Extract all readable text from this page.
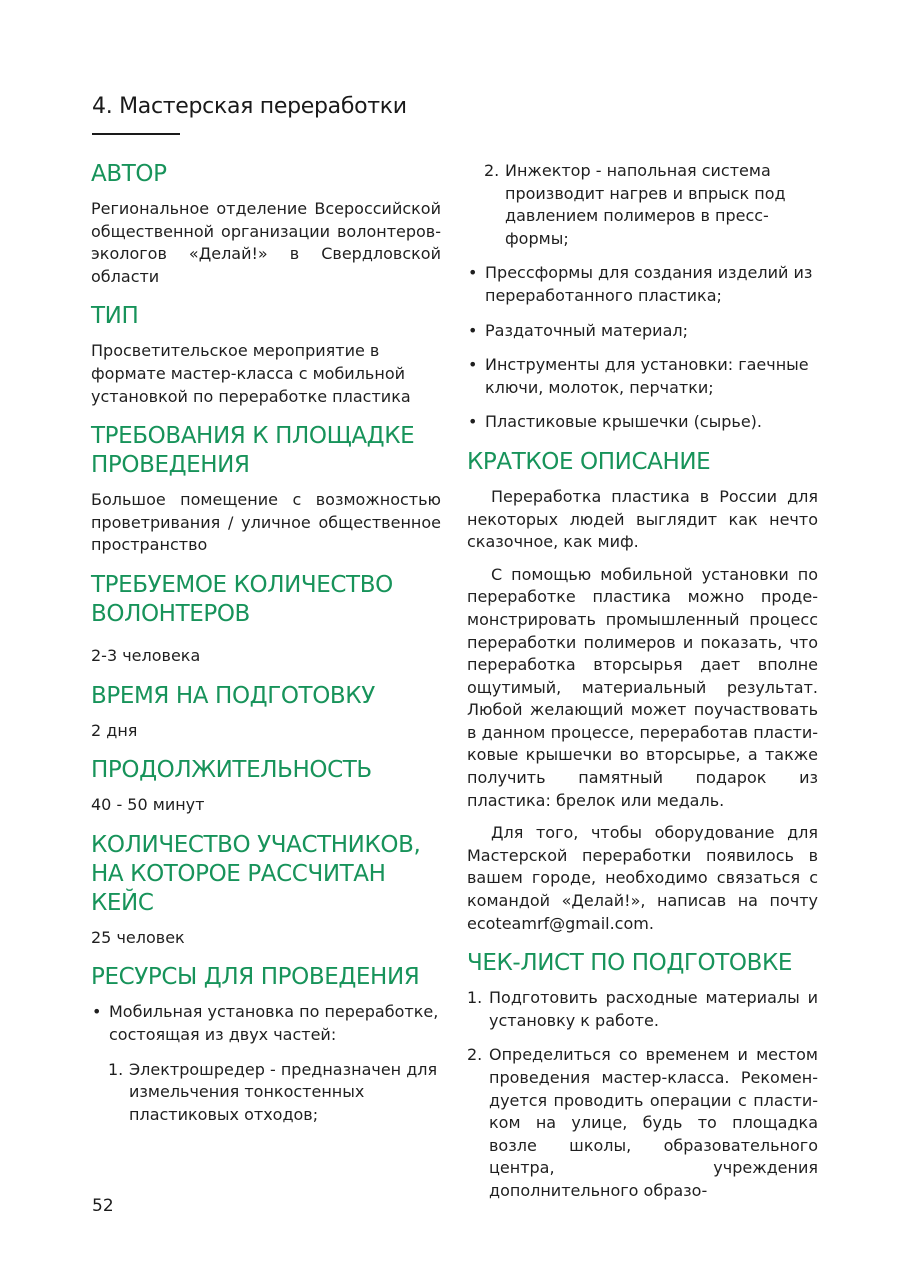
4. Мастерская переработки
АВТОР
Региональное отделение Всероссийской общественной организации волонтеров-экологов «Делай!» в Свердловской области
ТИП
Просветительское мероприятие в формате мастер-класса с мобильной установкой по переработке пластика
ТРЕБОВАНИЯ К ПЛОЩАДКЕ ПРОВЕДЕНИЯ
Большое помещение с возможностью проветривания / уличное общественное пространство
ТРЕБУЕМОЕ КОЛИЧЕСТВО ВОЛОНТЕРОВ
2-3 человека
ВРЕМЯ НА ПОДГОТОВКУ
2 дня
ПРОДОЛЖИТЕЛЬНОСТЬ
40 - 50 минут
КОЛИЧЕСТВО УЧАСТНИКОВ, НА КОТОРОЕ РАССЧИТАН КЕЙС
25 человек
РЕСУРСЫ ДЛЯ ПРОВЕДЕНИЯ
• Мобильная установка по переработке, состоящая из двух частей:
1. Электрошредер - предназначен для измельчения тонкостенных пластиковых отходов;
2. Инжектор - напольная система производит нагрев и впрыск под давлением полимеров в прессформы;
• Прессформы для создания изделий из переработанного пластика;
• Раздаточный материал;
• Инструменты для установки: гаечные ключи, молоток, перчатки;
• Пластиковые крышечки (сырье).
КРАТКОЕ ОПИСАНИЕ
Переработка пластика в России для некоторых людей выглядит как нечто сказочное, как миф.
С помощью мобильной установки по переработке пластика можно продемонстрировать промышленный процесс переработки полимеров и показать, что переработка вторсырья дает вполне ощутимый, материальный результат. Любой желающий может поучаствовать в данном процессе, переработав пластиковые крышечки во вторсырье, а также получить памятный подарок из пластика: брелок или медаль.
Для того, чтобы оборудование для Мастерской переработки появилось в вашем городе, необходимо связаться с командой «Делай!», написав на почту ecoteamrf@gmail.com.
ЧЕК-ЛИСТ ПО ПОДГОТОВКЕ
1. Подготовить расходные материалы и установку к работе.
2. Определиться со временем и местом проведения мастер-класса. Рекомендуется проводить операции с пластиком на улице, будь то площадка возле школы, образовательного центра, учреждения дополнительного образо-
52
